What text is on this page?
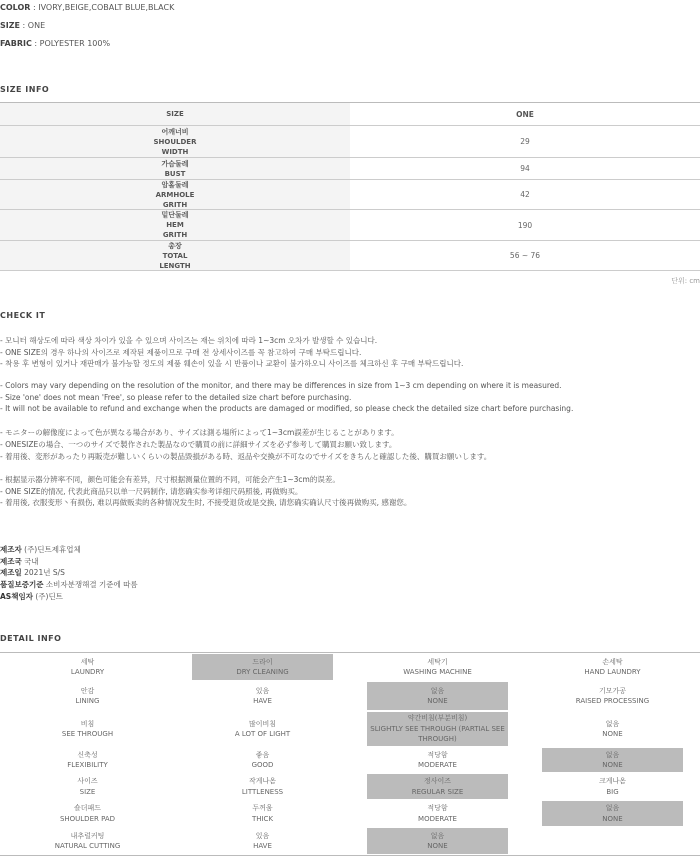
COLOR : IVORY,BEIGE,COBALT BLUE,BLACK
SIZE : ONE
FABRIC : POLYESTER 100%
SIZE INFO
SIZE	ONE
어깨너비
SHOULDER
WIDTH
29
가슴둘레
BUST
94
암홀둘레
ARMHOLE
GRITH
42
밑단둘레
HEM
GRITH
190
총장
TOTAL
LENGTH
56 ~ 76
단위: cm
CHECK IT
- 모니터 해상도에 따라 색상 차이가 있을 수 있으며 사이즈는 재는 위치에 따라 1~3cm 오차가 발생할 수 있습니다.
- ONE SIZE의 경우 하나의 사이즈로 제작된 제품이므로 구매 전 상세사이즈를 꼭 참고하여 구매 부탁드립니다.
- 착용 후 변형이 있거나 재판매가 불가능할 정도의 제품 훼손이 있을 시 반품이나 교환이 불가하오니 사이즈를 체크하신 후 구매 부탁드립니다.
- Colors may vary depending on the resolution of the monitor, and there may be differences in size from 1~3 cm depending on where it is measured.
- Size 'one' does not mean 'Free', so please refer to the detailed size chart before purchasing.
- It will not be available to refund and exchange when the products are damaged or modified, so please check the detailed size chart before purchasing.
- モニターの解像度によって色が異なる場合があり、サイズは測る場所によって1~3cm誤差が生じることがあります。
- ONESIZEの場合、一つのサイズで製作された製品なので購買の前に詳細サイズを必ず参考して購買お願い致します。
- 着用後、変形があったり再販売が難しいくらいの製品毀損がある時、返品や交換が不可なのでサイズをきちんと確認した後、購買お願いします。
- 根据显示器分辨率不同，颜色可能会有差异，尺寸根据测量位置的不同，可能会产生1~3cm的误差。
- ONE SIZE的情况, 代表此商品只以单一尺码制作, 请您确实参考详细尺码照後, 再做购买。
- 着用後, 衣服变形丶有损伤, 难以再做贩卖的各种情况发生时, 不接受退货或是交换, 请您确实确认尺寸後再做购买, 感谢您。
제조자 (주)딘트제휴업체
제조국 국내
제조일 2021년 S/S
품질보증기준 소비자분쟁해결 기준에 따름
AS책임자 (주)딘트
DETAIL INFO
세탁
LAUNDRY
드라이
DRY CLEANING
세탁기
WASHING MACHINE
손세탁
HAND LAUNDRY
안감
LINING
있음
HAVE
없음
NONE
기모가공
RAISED PROCESSING
비침
SEE THROUGH
많이비침
A LOT OF LIGHT
약간비침(부분비침)
SLIGHTLY SEE THROUGH (PARTIAL SEE THROUGH)
없음
NONE
신축성
FLEXIBILITY
좋음
GOOD
적당함
MODERATE
없음
NONE
사이즈
SIZE
작게나옴
LITTLENESS
정사이즈
REGULAR SIZE
크게나옴
BIG
숄더패드
SHOULDER PAD
두꺼움
THICK
적당함
MODERATE
없음
NONE
내추럴커팅
NATURAL CUTTING
있음
HAVE
없음
NONE
